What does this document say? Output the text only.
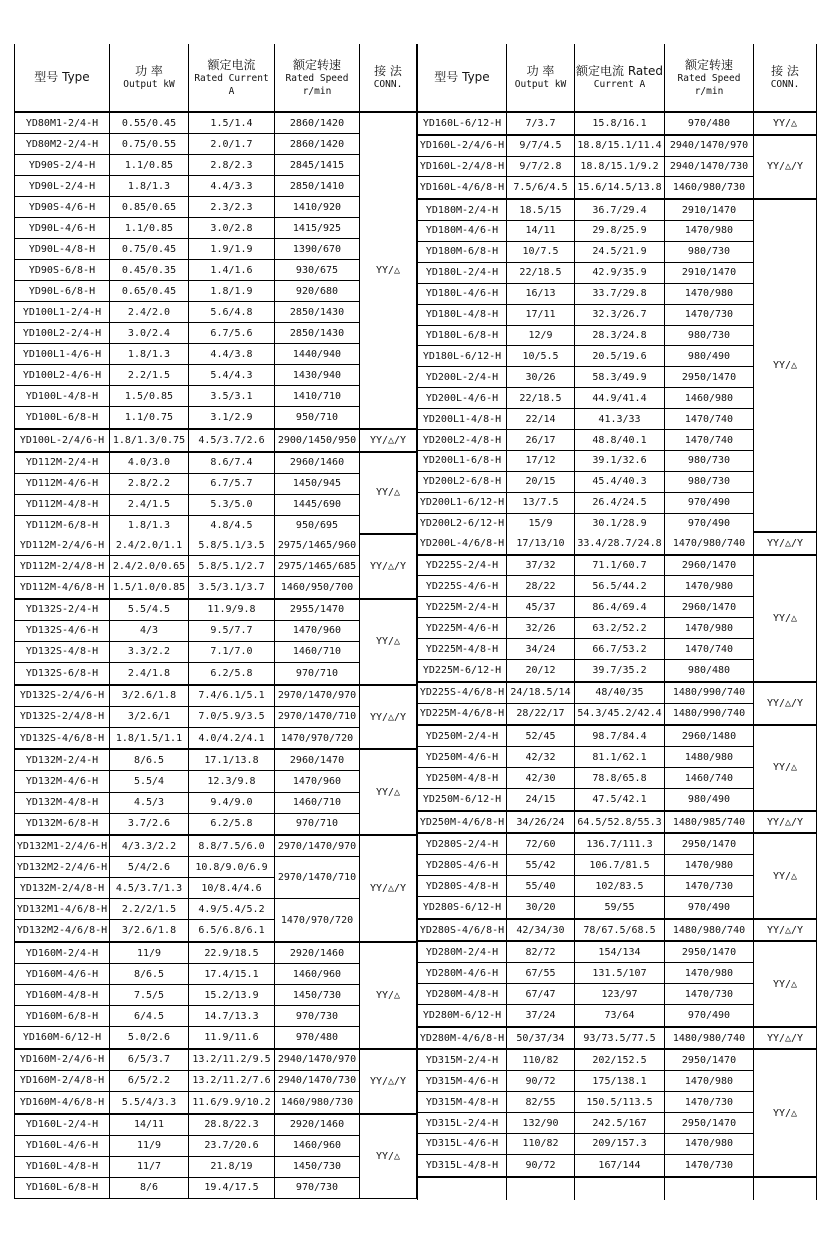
型号 Type	功 率
Output kW

额定电流
Rated Current
A

额定转速
Rated Speed
r/min

接 法
CONN.

YD80M1-2/4-H	0.55/0.45	1.5/1.4	2860/1420	YY/△
YD80M2-2/4-H	0.75/0.55	2.0/1.7	2860/1420	
YD90S-2/4-H	1.1/0.85	2.8/2.3	2845/1415	
YD90L-2/4-H	1.8/1.3	4.4/3.3	2850/1410	
YD90S-4/6-H	0.85/0.65	2.3/2.3	1410/920	
YD90L-4/6-H	1.1/0.85	3.0/2.8	1415/925	
YD90L-4/8-H	0.75/0.45	1.9/1.9	1390/670	
YD90S-6/8-H	0.45/0.35	1.4/1.6	930/675	
YD90L-6/8-H	0.65/0.45	1.8/1.9	920/680	
YD100L1-2/4-H	2.4/2.0	5.6/4.8	2850/1430	
YD100L2-2/4-H	3.0/2.4	6.7/5.6	2850/1430	
YD100L1-4/6-H	1.8/1.3	4.4/3.8	1440/940	
YD100L2-4/6-H	2.2/1.5	5.4/4.3	1430/940	
YD100L-4/8-H	1.5/0.85	3.5/3.1	1410/710	
YD100L-6/8-H	1.1/0.75	3.1/2.9	950/710	
YD100L-2/4/6-H	1.8/1.3/0.75	4.5/3.7/2.6	2900/1450/950	YY/△/Y
YD112M-2/4-H	4.0/3.0	8.6/7.4	2960/1460	YY/△
YD112M-4/6-H	2.8/2.2	6.7/5.7	1450/945	
YD112M-4/8-H	2.4/1.5	5.3/5.0	1445/690	
YD112M-6/8-H	1.8/1.3	4.8/4.5	950/695	
YD112M-2/4/6-H	2.4/2.0/1.1	5.8/5.1/3.5	2975/1465/960	YY/△/Y
YD112M-2/4/8-H	2.4/2.0/0.65	5.8/5.1/2.7	2975/1465/685	
YD112M-4/6/8-H	1.5/1.0/0.85	3.5/3.1/3.7	1460/950/700	
YD132S-2/4-H	5.5/4.5	11.9/9.8	2955/1470	YY/△
YD132S-4/6-H	4/3	9.5/7.7	1470/960	
YD132S-4/8-H	3.3/2.2	7.1/7.0	1460/710	
YD132S-6/8-H	2.4/1.8	6.2/5.8	970/710	
YD132S-2/4/6-H	3/2.6/1.8	7.4/6.1/5.1	2970/1470/970	YY/△/Y
YD132S-2/4/8-H	3/2.6/1	7.0/5.9/3.5	2970/1470/710	
YD132S-4/6/8-H	1.8/1.5/1.1	4.0/4.2/4.1	1470/970/720	
YD132M-2/4-H	8/6.5	17.1/13.8	2960/1470	YY/△
YD132M-4/6-H	5.5/4	12.3/9.8	1470/960	
YD132M-4/8-H	4.5/3	9.4/9.0	1460/710	
YD132M-6/8-H	3.7/2.6	6.2/5.8	970/710	
YD132M1-2/4/6-H	4/3.3/2.2	8.8/7.5/6.0	2970/1470/970	YY/△/Y
YD132M2-2/4/6-H	5/4/2.6	10.8/9.0/6.9	2970/1470/710	
YD132M-2/4/8-H	4.5/3.7/1.3	10/8.4/4.6		
YD132M1-4/6/8-H	2.2/2/1.5	4.9/5.4/5.2	1470/970/720	
YD132M2-4/6/8-H	3/2.6/1.8	6.5/6.8/6.1		
YD160M-2/4-H	11/9	22.9/18.5	2920/1460	YY/△
YD160M-4/6-H	8/6.5	17.4/15.1	1460/960	
YD160M-4/8-H	7.5/5	15.2/13.9	1450/730	
YD160M-6/8-H	6/4.5	14.7/13.3	970/730	
YD160M-6/12-H	5.0/2.6	11.9/11.6	970/480	
YD160M-2/4/6-H	6/5/3.7	13.2/11.2/9.5	2940/1470/970	YY/△/Y
YD160M-2/4/8-H	6/5/2.2	13.2/11.2/7.6	2940/1470/730	
YD160M-4/6/8-H	5.5/4/3.3	11.6/9.9/10.2	1460/980/730	
YD160L-2/4-H	14/11	28.8/22.3	2920/1460	YY/△
YD160L-4/6-H	11/9	23.7/20.6	1460/960	
YD160L-4/8-H	11/7	21.8/19	1450/730	
YD160L-6/8-H	8/6	19.4/17.5	970/730	
型号 Type	功 率
Output kW

额定电流 Rated
Current A

额定转速
Rated Speed
r/min

接 法
CONN.

YD160L-6/12-H	7/3.7	15.8/16.1	970/480	YY/△
YD160L-2/4/6-H	9/7/4.5	18.8/15.1/11.4	2940/1470/970	YY/△/Y
YD160L-2/4/8-H	9/7/2.8	18.8/15.1/9.2	2940/1470/730	
YD160L-4/6/8-H	7.5/6/4.5	15.6/14.5/13.8	1460/980/730	
YD180M-2/4-H	18.5/15	36.7/29.4	2910/1470	YY/△
YD180M-4/6-H	14/11	29.8/25.9	1470/980	
YD180M-6/8-H	10/7.5	24.5/21.9	980/730	
YD180L-2/4-H	22/18.5	42.9/35.9	2910/1470	
YD180L-4/6-H	16/13	33.7/29.8	1470/980	
YD180L-4/8-H	17/11	32.3/26.7	1470/730	
YD180L-6/8-H	12/9	28.3/24.8	980/730	
YD180L-6/12-H	10/5.5	20.5/19.6	980/490	
YD200L-2/4-H	30/26	58.3/49.9	2950/1470	
YD200L-4/6-H	22/18.5	44.9/41.4	1460/980	
YD200L1-4/8-H	22/14	41.3/33	1470/740	
YD200L2-4/8-H	26/17	48.8/40.1	1470/740	
YD200L1-6/8-H	17/12	39.1/32.6	980/730	
YD200L2-6/8-H	20/15	45.4/40.3	980/730	
YD200L1-6/12-H	13/7.5	26.4/24.5	970/490	
YD200L2-6/12-H	15/9	30.1/28.9	970/490	
YD200L-4/6/8-H	17/13/10	33.4/28.7/24.8	1470/980/740	YY/△/Y
YD225S-2/4-H	37/32	71.1/60.7	2960/1470	YY/△
YD225S-4/6-H	28/22	56.5/44.2	1470/980	
YD225M-2/4-H	45/37	86.4/69.4	2960/1470	
YD225M-4/6-H	32/26	63.2/52.2	1470/980	
YD225M-4/8-H	34/24	66.7/53.2	1470/740	
YD225M-6/12-H	20/12	39.7/35.2	980/480	
YD225S-4/6/8-H	24/18.5/14	48/40/35	1480/990/740	YY/△/Y
YD225M-4/6/8-H	28/22/17	54.3/45.2/42.4	1480/990/740	
YD250M-2/4-H	52/45	98.7/84.4	2960/1480	YY/△
YD250M-4/6-H	42/32	81.1/62.1	1480/980	
YD250M-4/8-H	42/30	78.8/65.8	1460/740	
YD250M-6/12-H	24/15	47.5/42.1	980/490	
YD250M-4/6/8-H	34/26/24	64.5/52.8/55.3	1480/985/740	YY/△/Y
YD280S-2/4-H	72/60	136.7/111.3	2950/1470	YY/△
YD280S-4/6-H	55/42	106.7/81.5	1470/980	
YD280S-4/8-H	55/40	102/83.5	1470/730	
YD280S-6/12-H	30/20	59/55	970/490	
YD280S-4/6/8-H	42/34/30	78/67.5/68.5	1480/980/740	YY/△/Y
YD280M-2/4-H	82/72	154/134	2950/1470	YY/△
YD280M-4/6-H	67/55	131.5/107	1470/980	
YD280M-4/8-H	67/47	123/97	1470/730	
YD280M-6/12-H	37/24	73/64	970/490	
YD280M-4/6/8-H	50/37/34	93/73.5/77.5	1480/980/740	YY/△/Y
YD315M-2/4-H	110/82	202/152.5	2950/1470	YY/△
YD315M-4/6-H	90/72	175/138.1	1470/980	
YD315M-4/8-H	82/55	150.5/113.5	1470/730	
YD315L-2/4-H	132/90	242.5/167	2950/1470	
YD315L-4/6-H	110/82	209/157.3	1470/980	
YD315L-4/8-H	90/72	167/144	1470/730	
